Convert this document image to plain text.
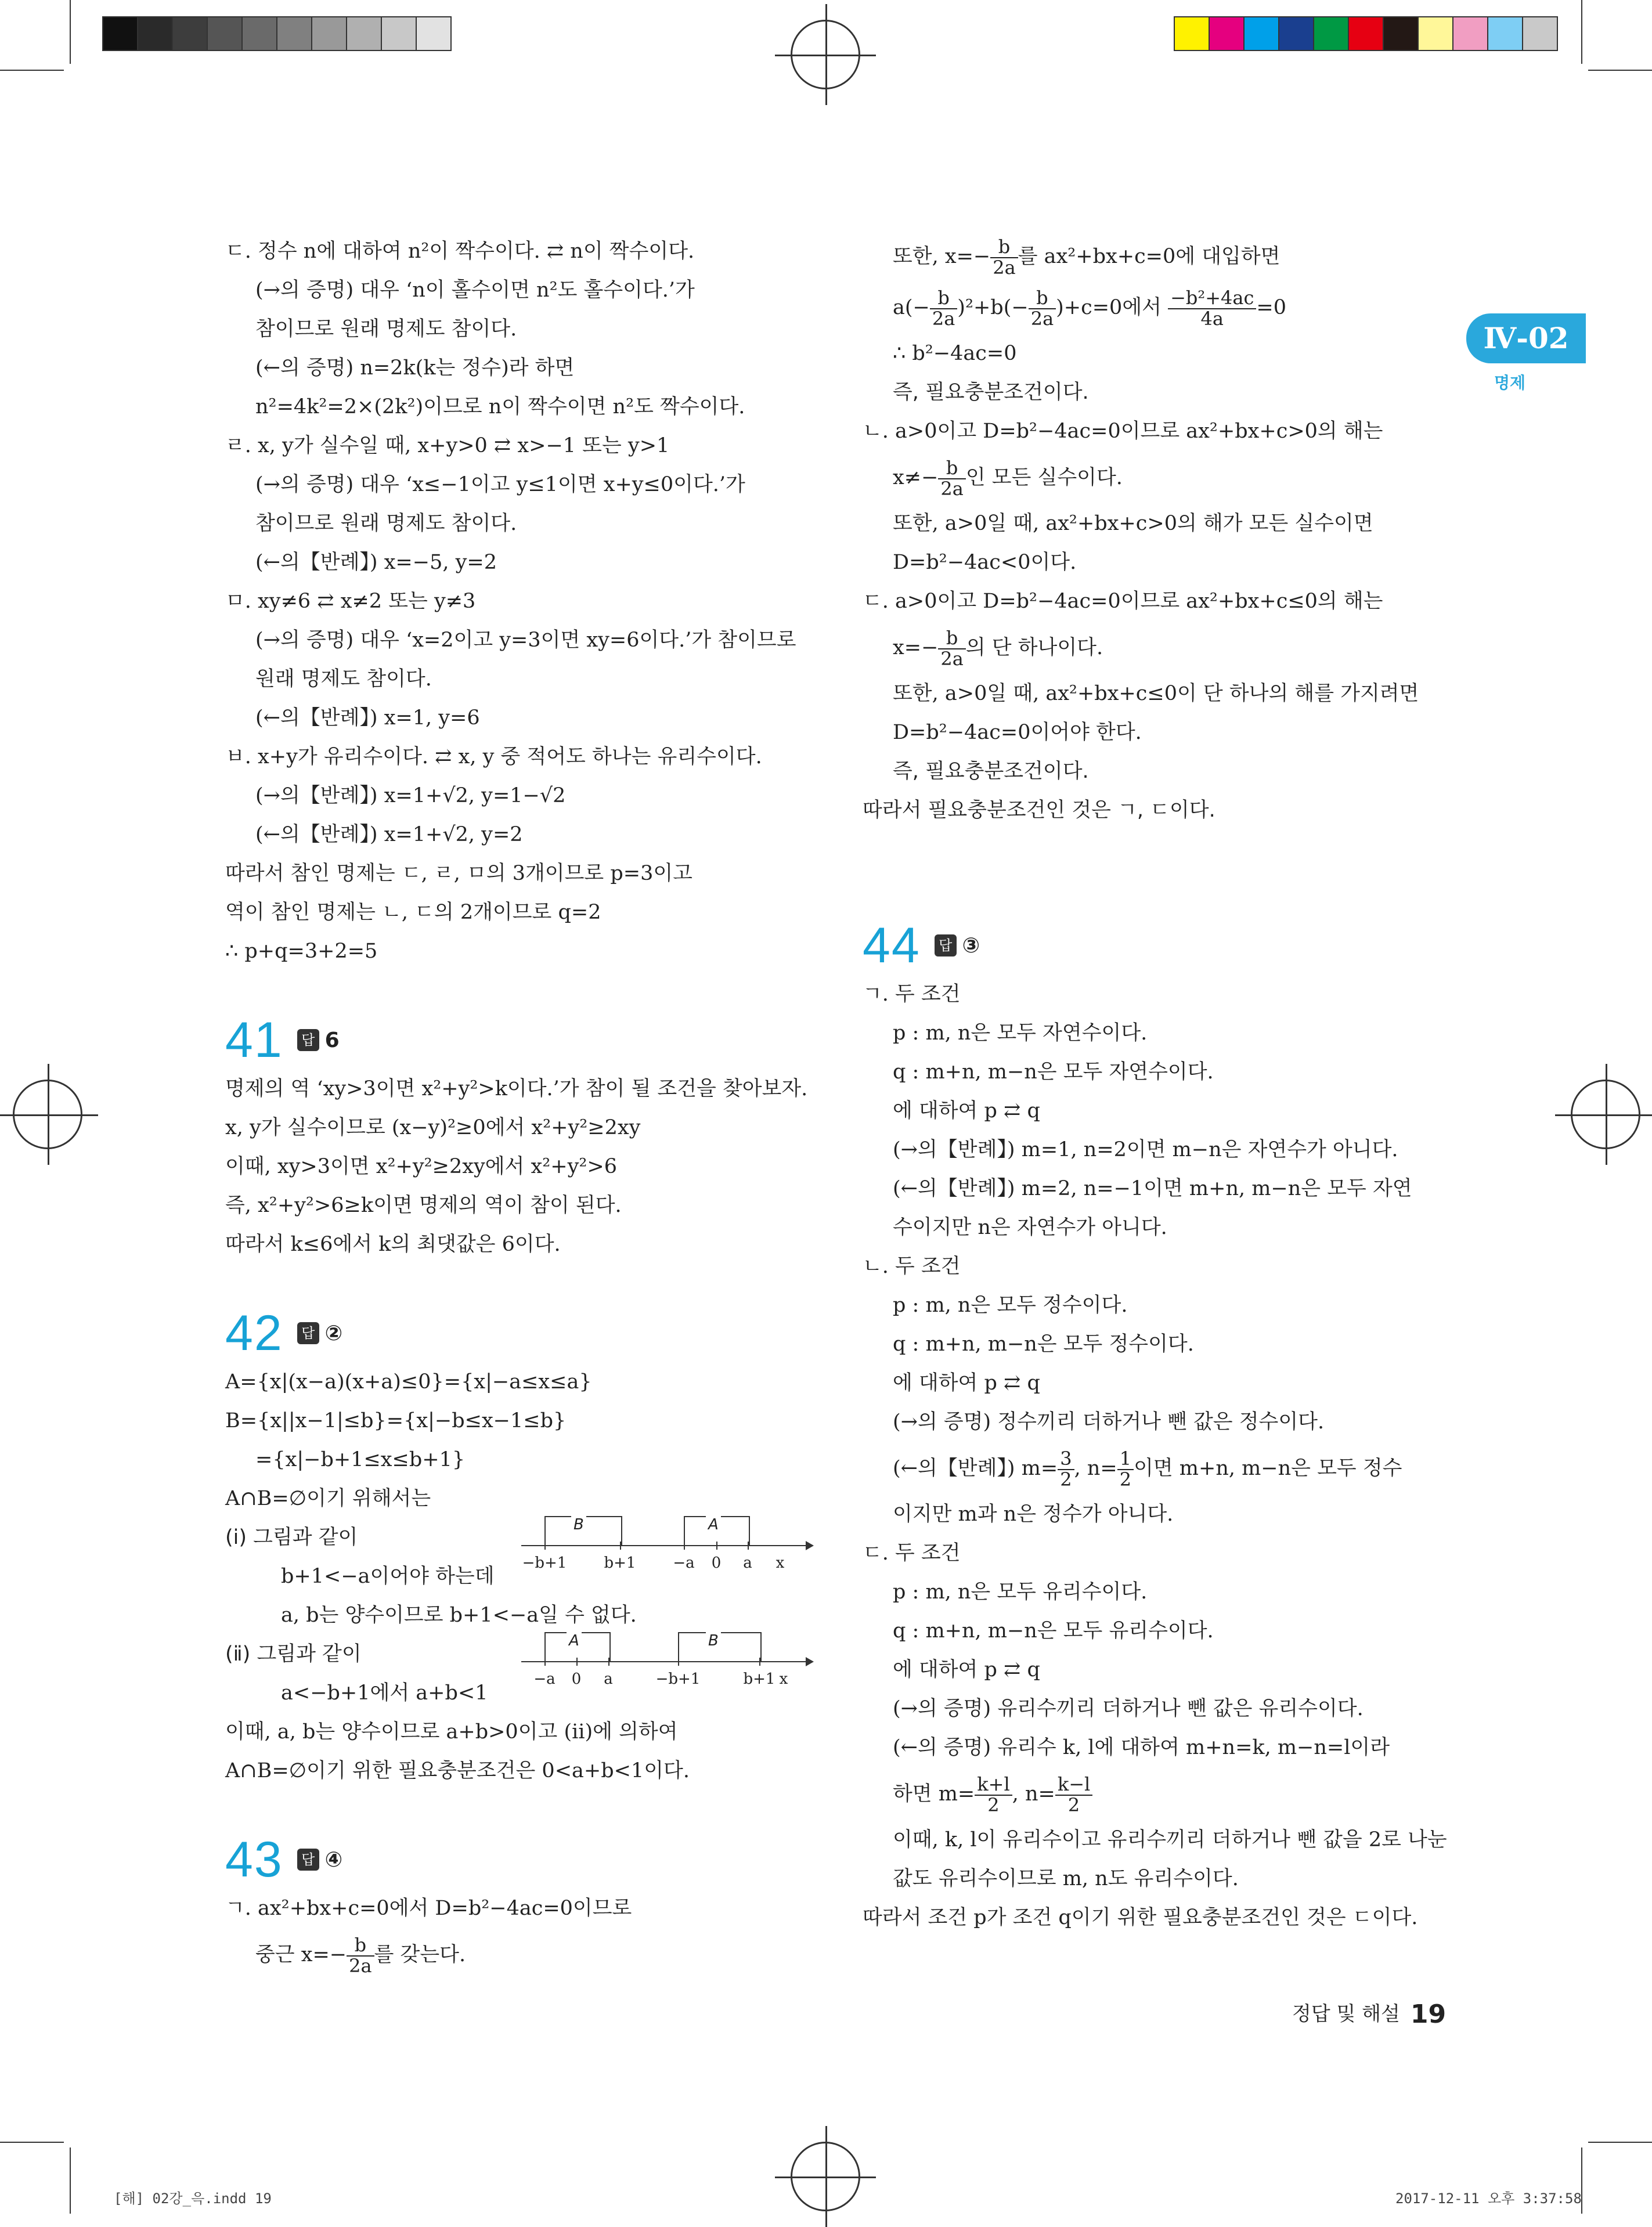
Ⅳ-02
명제
ㄷ. 정수 n에 대하여 n²이 짝수이다. ⇄ n이 짝수이다.
(→의 증명) 대우 ‘n이 홀수이면 n²도 홀수이다.’가
참이므로 원래 명제도 참이다.
(←의 증명) n=2k(k는 정수)라 하면
n²=4k²=2×(2k²)이므로 n이 짝수이면 n²도 짝수이다.
ㄹ. x, y가 실수일 때, x+y>0 ⇄ x>−1 또는 y>1
(→의 증명) 대우 ‘x≤−1이고 y≤1이면 x+y≤0이다.’가
참이므로 원래 명제도 참이다.
(←의【반례】) x=−5, y=2
ㅁ. xy≠6 ⇄ x≠2 또는 y≠3
(→의 증명) 대우 ‘x=2이고 y=3이면 xy=6이다.’가 참이므로
원래 명제도 참이다.
(←의【반례】) x=1, y=6
ㅂ. x+y가 유리수이다. ⇄ x, y 중 적어도 하나는 유리수이다.
(→의【반례】) x=1+√2, y=1−√2
(←의【반례】) x=1+√2, y=2
따라서 참인 명제는 ㄷ, ㄹ, ㅁ의 3개이므로 p=3이고
역이 참인 명제는 ㄴ, ㄷ의 2개이므로 q=2
∴ p+q=3+2=5
41	답 6
명제의 역 ‘xy>3이면 x²+y²>k이다.’가 참이 될 조건을 찾아보자.
x, y가 실수이므로 (x−y)²≥0에서 x²+y²≥2xy
이때, xy>3이면 x²+y²≥2xy에서 x²+y²>6
즉, x²+y²>6≥k이면 명제의 역이 참이 된다.
따라서 k≤6에서 k의 최댓값은 6이다.
42	답 ②
A={x|(x−a)(x+a)≤0}={x|−a≤x≤a}
B={x||x−1|≤b}={x|−b≤x−1≤b}
={x|−b+1≤x≤b+1}
A∩B=∅이기 위해서는
(ⅰ) 그림과 같이
b+1<−a이어야 하는데
a, b는 양수이므로 b+1<−a일 수 없다.
(ⅱ) 그림과 같이
a<−b+1에서 a+b<1
이때, a, b는 양수이므로 a+b>0이고 (ⅱ)에 의하여
A∩B=∅이기 위한 필요충분조건은 0<a+b<1이다.
B	A
−b+1 b+1 −a 0 a x
A	B
−a 0 a	−b+1	b+1 x
43	답 ④
ㄱ. ax²+bx+c=0에서 D=b²−4ac=0이므로
중근 $x=- \frac{b}{2a}$ 를 갖는다.
또한, $x=- \frac{b}{2a}$ 를 ax²+bx+c=0에 대입하면
$a(- \frac{b}{2a} )^2+b(- \frac{b}{2a} )+c=0$에서 $\frac{\text{−b²+4ac}}{4a} =0$
∴ b²−4ac=0
즉, 필요충분조건이다.
ㄴ. a>0이고 D=b²−4ac=0이므로 ax²+bx+c>0의 해는
$x\ne- \frac{b}{2a}$ 인 모든 실수이다.
또한, a>0일 때, ax²+bx+c>0의 해가 모든 실수이면
D=b²−4ac<0이다.
ㄷ. a>0이고 D=b²−4ac=0이므로 ax²+bx+c≤0의 해는
$x=- \frac{b}{2a}$ 의 단 하나이다.
또한, a>0일 때, ax²+bx+c≤0이 단 하나의 해를 가지려면
D=b²−4ac=0이어야 한다.
즉, 필요충분조건이다.
따라서 필요충분조건인 것은 ㄱ, ㄷ이다.
44	답 ③
ㄱ. 두 조건
p : m, n은 모두 자연수이다.
q : m+n, m−n은 모두 자연수이다.
에 대하여 p ⇄ q
(→의【반례】) m=1, n=2이면 m−n은 자연수가 아니다.
(←의【반례】) m=2, n=−1이면 m+n, m−n은 모두 자연
수이지만 n은 자연수가 아니다.
ㄴ. 두 조건
p : m, n은 모두 정수이다.
q : m+n, m−n은 모두 정수이다.
에 대하여 p ⇄ q
(→의 증명) 정수끼리 더하거나 뺀 값은 정수이다.
(←의【반례】) $m= \frac{3}{2}$ , $n= \frac{1}{2}$ 이면 m+n, m−n은 모두 정수
이지만 m과 n은 정수가 아니다.
ㄷ. 두 조건
p : m, n은 모두 유리수이다.
q : m+n, m−n은 모두 유리수이다.
에 대하여 p ⇄ q
(→의 증명) 유리수끼리 더하거나 뺀 값은 유리수이다.
(←의 증명) 유리수 k, l에 대하여 m+n=k, m−n=l이라
하면 $m= \frac{k+l}{2}$ , $n= \frac{k-l}{2}$
이때, k, l이 유리수이고 유리수끼리 더하거나 뺀 값을 2로 나눈
값도 유리수이므로 m, n도 유리수이다.
따라서 조건 p가 조건 q이기 위한 필요충분조건인 것은 ㄷ이다.
정답 및 해설 19
[해] 02강_윽.indd 19	2017-12-11 오후 3:37:58
